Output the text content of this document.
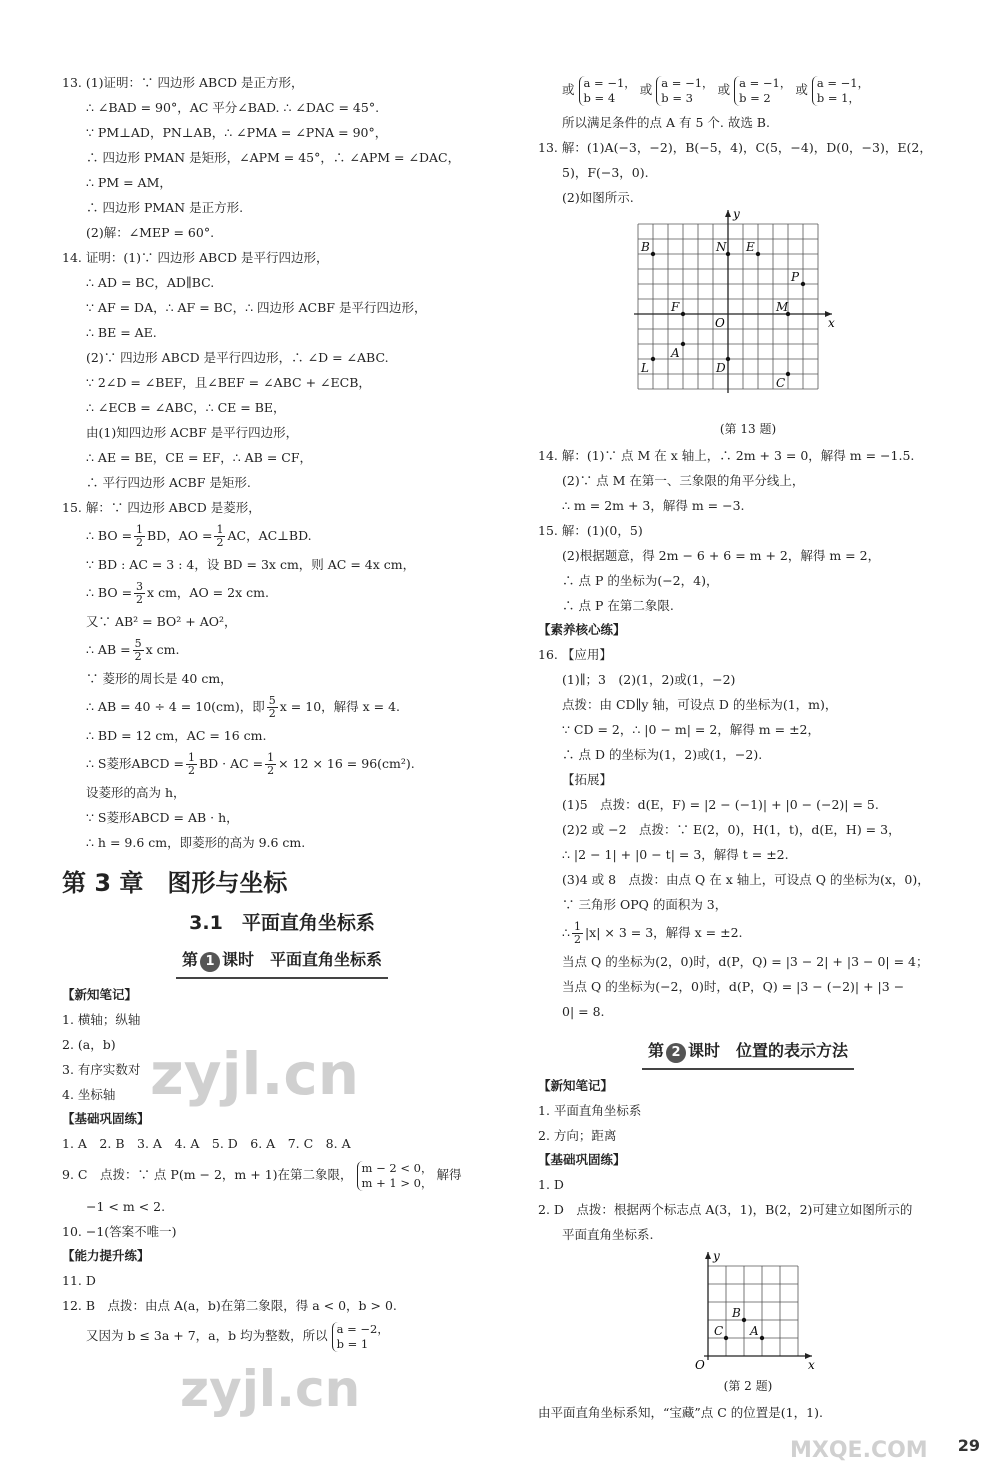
13. (1)证明：∵ 四边形 ABCD 是正方形，
∴ ∠BAD = 90°，AC 平分∠BAD. ∴ ∠DAC = 45°.
∵ PM⊥AD，PN⊥AB，∴ ∠PMA = ∠PNA = 90°，
∴ 四边形 PMAN 是矩形，∠APM = 45°，∴ ∠APM = ∠DAC，
∴ PM = AM，
∴ 四边形 PMAN 是正方形.
(2)解：∠MEP = 60°.
14. 证明：(1)∵ 四边形 ABCD 是平行四边形，
∴ AD = BC，AD∥BC.
∵ AF = DA，∴ AF = BC，∴ 四边形 ACBF 是平行四边形，
∴ BE = AE.
(2)∵ 四边形 ABCD 是平行四边形，∴ ∠D = ∠ABC.
∵ 2∠D = ∠BEF，且∠BEF = ∠ABC + ∠ECB，
∴ ∠ECB = ∠ABC，∴ CE = BE，
由(1)知四边形 ACBF 是平行四边形，
∴ AE = BE，CE = EF，∴ AB = CF，
∴ 平行四边形 ACBF 是矩形.
15. 解：∵ 四边形 ABCD 是菱形，
∴ BO = $\frac{1}{2}$ BD，AO = $\frac{1}{2}$ AC，AC⊥BD.
∵ BD : AC = 3 : 4，设 BD = 3x cm，则 AC = 4x cm，
∴ BO = $\frac{3}{2}$ x cm，AO = 2x cm.
又∵ AB² = BO² + AO²，
∴ AB = $\frac{5}{2}$ x cm.
∵ 菱形的周长是 40 cm，
∴ AB = 40 ÷ 4 = 10(cm)，即 $\frac{5}{2}$ x = 10，解得 x = 4.
∴ BD = 12 cm，AC = 16 cm.
∴ S菱形ABCD = $\frac{1}{2}$ BD · AC = $\frac{1}{2} \times 12 \times 16 = 96(cm^2)$.
设菱形的高为 h，
∵ S菱形ABCD = AB · h，
∴ h = 9.6 cm，即菱形的高为 9.6 cm.
第 3 章　图形与坐标
3.1　平面直角坐标系
第 1 课时　平面直角坐标系
【新知笔记】
1. 横轴；纵轴
2. (a，b)
3. 有序实数对
4. 坐标轴
【基础巩固练】
1. A　2. B　3. A　4. A　5. D　6. A　7. C　8. A
9. C　点拨：∵ 点 P(m − 2，m + 1)在第二象限， m − 2 < 0，
m + 1 > 0，
解得
−1 < m < 2.
10. −1(答案不唯一)
【能力提升练】
11. D
12. B　点拨：由点 A(a，b)在第二象限，得 a < 0，b > 0.
又因为 b ≤ 3a + 7，a，b 均为整数，所以 a = −2，
b = 1
或 a = −1，
b = 4
或 a = −1，
b = 3
或 a = −1，
b = 2
或 a = −1，
b = 1，
所以满足条件的点 A 有 5 个. 故选 B.
13. 解：(1)A(−3，−2)，B(−5，4)，C(5，−4)，D(0，−3)，E(2，
5)，F(−3，0).
(2)如图所示.
x
y
O
B	N E
P
F	M
A
L	D
C
(第 13 题)
14. 解：(1)∵ 点 M 在 x 轴上，∴ 2m + 3 = 0，解得 m = −1.5.
(2)∵ 点 M 在第一、三象限的角平分线上，
∴ m = 2m + 3，解得 m = −3.
15. 解：(1)(0，5)
(2)根据题意，得 2m − 6 + 6 = m + 2，解得 m = 2，
∴ 点 P 的坐标为(−2，4)，
∴ 点 P 在第二象限.
【素养核心练】
16. 【应用】
(1)∥；3　(2)(1，2)或(1，−2)
点拨：由 CD∥y 轴，可设点 D 的坐标为(1，m)，
∵ CD = 2，∴ |0 − m| = 2，解得 m = ±2，
∴ 点 D 的坐标为(1，2)或(1，−2).
【拓展】
(1)5　点拨：d(E，F) = |2 − (−1)| + |0 − (−2)| = 5.
(2)2 或 −2　点拨：∵ E(2，0)，H(1，t)，d(E，H) = 3，
∴ |2 − 1| + |0 − t| = 3，解得 t = ±2.
(3)4 或 8　点拨：由点 Q 在 x 轴上，可设点 Q 的坐标为(x，0)，
∵ 三角形 OPQ 的面积为 3，
∴ $\frac{1}{2} |x| \times 3 = 3$，解得 x = ±2.
当点 Q 的坐标为(2，0)时，d(P，Q) = |3 − 2| + |3 − 0| = 4；
当点 Q 的坐标为(−2，0)时，d(P，Q) = |3 − (−2)| + |3 −
0| = 8.
第 2 课时　位置的表示方法
【新知笔记】
1. 平面直角坐标系
2. 方向；距离
【基础巩固练】
1. D
2. D　点拨：根据两个标志点 A(3，1)，B(2，2)可建立如图所示的
平面直角坐标系.
x
y
O
B
C A
(第 2 题)
由平面直角坐标系知，“宝藏”点 C 的位置是(1，1).
zyjl.cn
zyjl.cn
MXQE.COM 29
